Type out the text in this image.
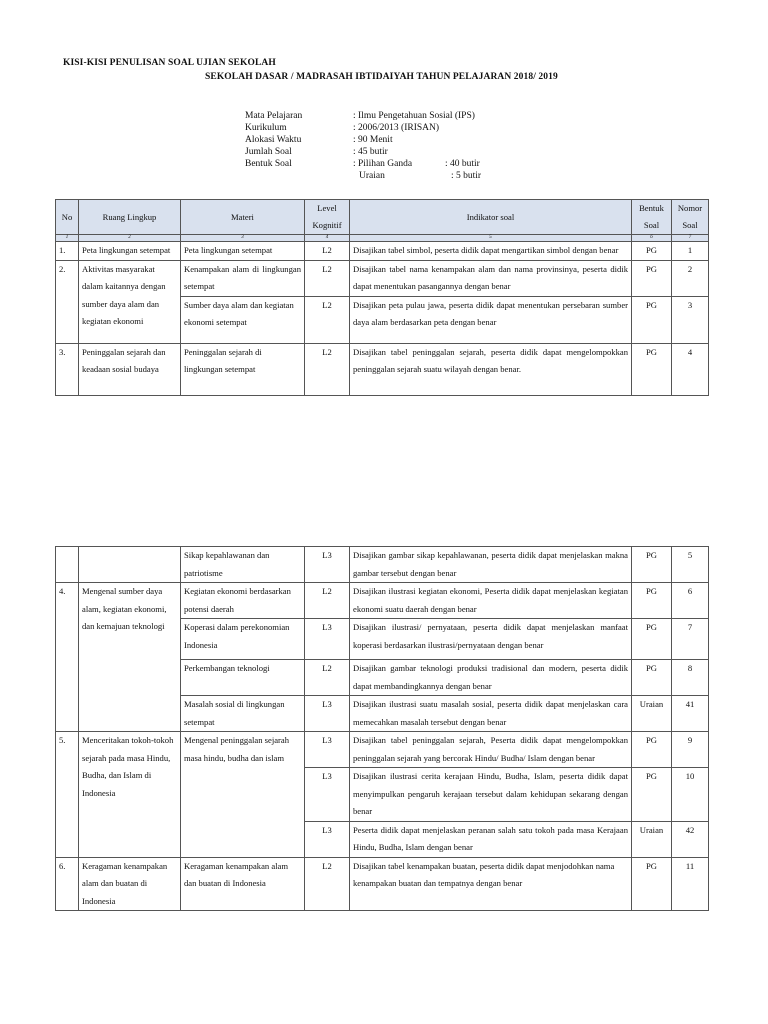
KISI-KISI PENULISAN SOAL UJIAN SEKOLAH
SEKOLAH DASAR / MADRASAH IBTIDAIYAH TAHUN PELAJARAN 2018/ 2019
Mata Pelajaran	: Ilmu Pengetahuan Sosial (IPS)
Kurikulum	: 2006/2013 (IRISAN)
Alokasi Waktu	: 90 Menit
Jumlah Soal	: 45 butir
Bentuk Soal	: Pilihan Ganda	: 40 butir
Uraian	: 5 butir
No	Ruang Lingkup	Materi	Level Kognitif	Indikator soal	Bentuk Soal	Nomor Soal
1	2	3	4	5	6	7
1.	Peta lingkungan setempat	Peta lingkungan setempat	L2	Disajikan tabel simbol, peserta didik dapat mengartikan simbol dengan benar	PG	1
2.	Aktivitas masyarakat dalam kaitannya dengan sumber daya alam dan kegiatan ekonomi	Kenampakan alam di lingkungan setempat	L2	Disajikan tabel nama kenampakan alam dan nama provinsinya, peserta didik dapat menentukan pasangannya dengan benar	PG	2
		Sumber daya alam dan kegiatan ekonomi setempat	L2	Disajikan peta pulau jawa, peserta didik dapat menentukan persebaran sumber daya alam berdasarkan peta dengan benar	PG	3
3.	Peninggalan sejarah dan keadaan sosial budaya	Peninggalan sejarah di lingkungan setempat	L2	Disajikan tabel peninggalan sejarah, peserta didik dapat mengelompokkan peninggalan sejarah suatu wilayah dengan benar.	PG	4
		Sikap kepahlawanan dan patriotisme	L3	Disajikan gambar sikap kepahlawanan, peserta didik dapat menjelaskan makna gambar tersebut dengan benar	PG	5
4.	Mengenal sumber daya alam, kegiatan ekonomi, dan kemajuan teknologi	Kegiatan ekonomi berdasarkan potensi daerah	L2	Disajikan ilustrasi kegiatan ekonomi, Peserta didik dapat menjelaskan kegiatan ekonomi suatu daerah dengan benar	PG	6
		Koperasi dalam perekonomian Indonesia	L3	Disajikan ilustrasi/ pernyataan, peserta didik dapat menjelaskan manfaat koperasi berdasarkan ilustrasi/pernyataan dengan benar	PG	7
		Perkembangan teknologi	L2	Disajikan gambar teknologi produksi tradisional dan modern, peserta didik dapat membandingkannya dengan benar	PG	8
		Masalah sosial di lingkungan setempat	L3	Disajikan ilustrasi suatu masalah sosial, peserta didik dapat menjelaskan cara memecahkan masalah tersebut dengan benar	Uraian	41
5.	Menceritakan tokoh-tokoh sejarah pada masa Hindu, Budha, dan Islam di Indonesia	Mengenal peninggalan sejarah masa hindu, budha dan islam	L3	Disajikan tabel peninggalan sejarah, Peserta didik dapat mengelompokkan peninggalan sejarah yang bercorak Hindu/ Budha/ Islam dengan benar	PG	9
			L3	Disajikan ilustrasi cerita kerajaan Hindu, Budha, Islam, peserta didik dapat menyimpulkan pengaruh kerajaan tersebut dalam kehidupan sekarang dengan benar	PG	10
			L3	Peserta didik dapat menjelaskan peranan salah satu tokoh pada masa Kerajaan Hindu, Budha, Islam dengan benar	Uraian	42
6.	Keragaman kenampakan alam dan buatan di Indonesia	Keragaman kenampakan alam dan buatan di Indonesia	L2	Disajikan tabel kenampakan buatan, peserta didik dapat menjodohkan nama kenampakan buatan dan tempatnya dengan benar	PG	11
